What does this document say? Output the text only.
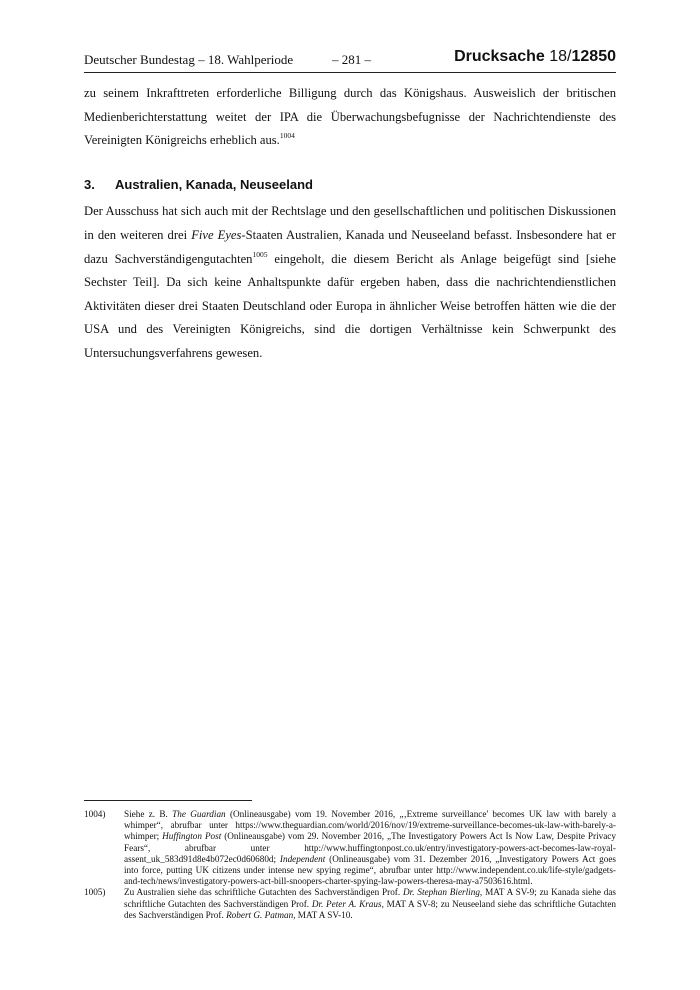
Deutscher Bundestag – 18. Wahlperiode	– 281 –	Drucksache 18/12850

zu seinem Inkrafttreten erforderliche Billigung durch das Königshaus. Ausweislich der britischen Medienberichterstattung weitet der IPA die Überwachungsbefugnisse der Nachrichtendienste des Vereinigten Königreichs erheblich aus.$^{1004}$

3.	Australien, Kanada, Neuseeland

Der Ausschuss hat sich auch mit der Rechtslage und den gesellschaftlichen und politischen Diskussionen in den weiteren drei Five Eyes-Staaten Australien, Kanada und Neuseeland befasst. Insbesondere hat er dazu Sachverständigengutachten$^{1005}$ eingeholt, die diesem Bericht als Anlage beigefügt sind [siehe Sechster Teil]. Da sich keine Anhaltspunkte dafür ergeben haben, dass die nachrichtendienstlichen Aktivitäten dieser drei Staaten Deutschland oder Europa in ähnlicher Weise betroffen hätten wie die der USA und des Vereinigten Königreichs, sind die dortigen Verhältnisse kein Schwerpunkt des Untersuchungsverfahrens gewesen.

1004)	Siehe z. B. The Guardian (Onlineausgabe) vom 19. November 2016, „‚Extreme surveillance' becomes UK law with barely a whimper“, abrufbar unter https://www.theguardian.com/world/2016/nov/19/extreme-surveillance-becomes-uk-law-with-barely-a-whimper; Huffington Post (Onlineausgabe) vom 29. November 2016, „The Investigatory Powers Act Is Now Law, Despite Privacy Fears“, abrufbar unter http://www.huffingtonpost.co.uk/entry/investigatory-powers-act-becomes-law-royal-assent_uk_583d91d8e4b072ec0d60680d; Independent (Onlineausgabe) vom 31. Dezember 2016, „Investigatory Powers Act goes into force, putting UK citizens under intense new spying regime“, abrufbar unter http://www.independent.co.uk/life-style/gadgets-and-tech/news/investigatory-powers-act-bill-snoopers-charter-spying-law-powers-theresa-may-a7503616.html.
1005)	Zu Australien siehe das schriftliche Gutachten des Sachverständigen Prof. Dr. Stephan Bierling, MAT A SV-9; zu Kanada siehe das schriftliche Gutachten des Sachverständigen Prof. Dr. Peter A. Kraus, MAT A SV-8; zu Neuseeland siehe das schriftliche Gutachten des Sachverständigen Prof. Robert G. Patman, MAT A SV-10.
